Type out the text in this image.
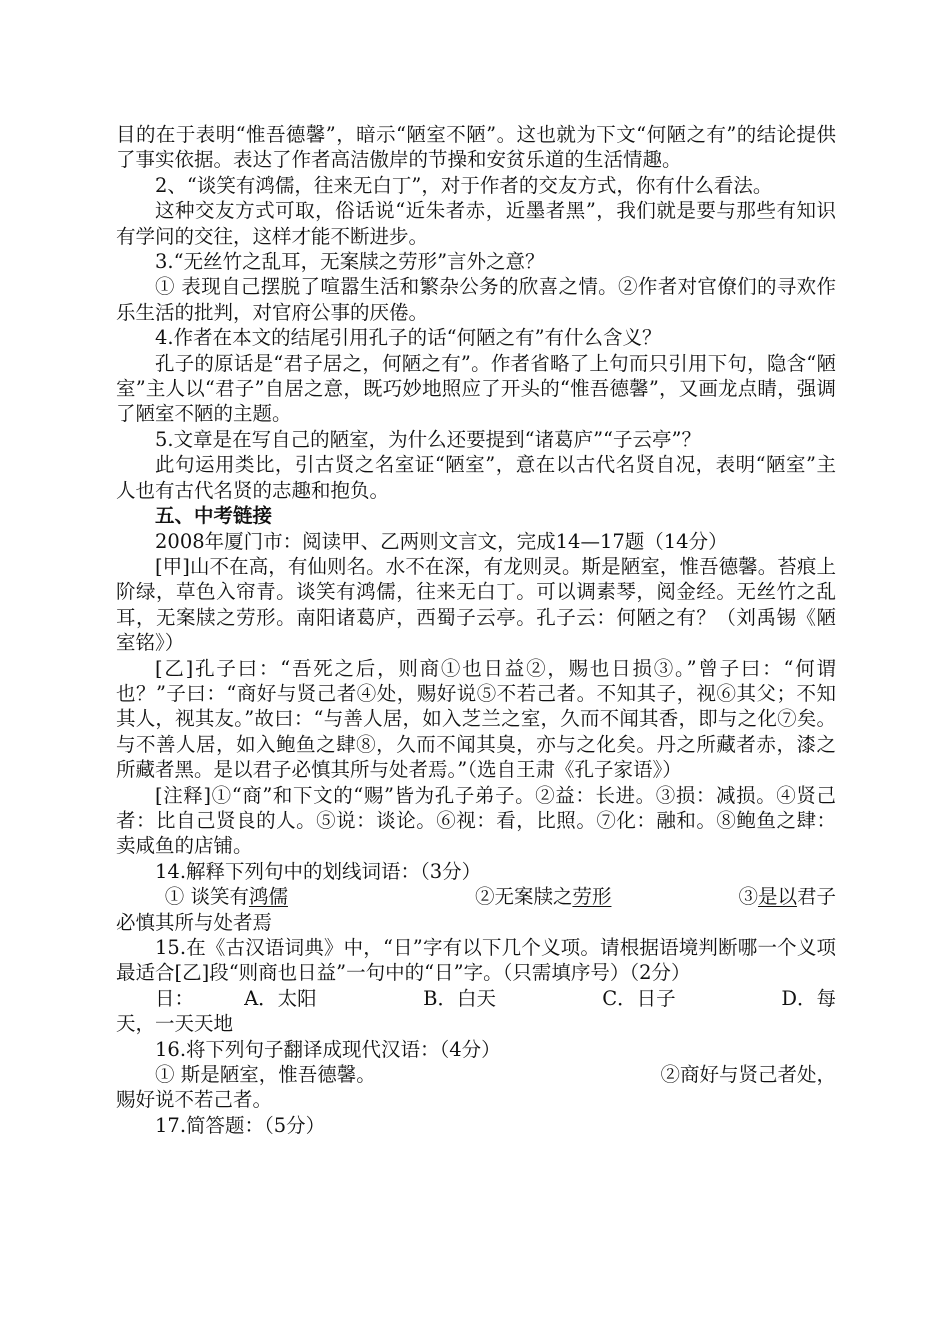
目的在于表明“惟吾德馨”，暗示“陋室不陋”。这也就为下文“何陋之有”的结论提供了事实依据。表达了作者高洁傲岸的节操和安贫乐道的生活情趣。

2、“谈笑有鸿儒，往来无白丁”，对于作者的交友方式，你有什么看法。

这种交友方式可取，俗话说“近朱者赤，近墨者黑”，我们就是要与那些有知识有学问的交往，这样才能不断进步。

3.“无丝竹之乱耳，无案牍之劳形”言外之意？

① 表现自己摆脱了喧嚣生活和繁杂公务的欣喜之情。②作者对官僚们的寻欢作乐生活的批判，对官府公事的厌倦。

4.作者在本文的结尾引用孔子的话“何陋之有”有什么含义？

孔子的原话是“君子居之，何陋之有”。作者省略了上句而只引用下句，隐含“陋室”主人以“君子”自居之意，既巧妙地照应了开头的“惟吾德馨”，又画龙点睛，强调了陋室不陋的主题。

5.文章是在写自己的陋室，为什么还要提到“诸葛庐”“子云亭”？

此句运用类比，引古贤之名室证“陋室”，意在以古代名贤自况，表明“陋室”主人也有古代名贤的志趣和抱负。

五、中考链接

2008年厦门市：阅读甲、乙两则文言文，完成14—17题（14分）

[甲]山不在高，有仙则名。水不在深，有龙则灵。斯是陋室，惟吾德馨。苔痕上阶绿，草色入帘青。谈笑有鸿儒，往来无白丁。可以调素琴，阅金经。无丝竹之乱耳，无案牍之劳形。南阳诸葛庐，西蜀子云亭。孔子云：何陋之有？（刘禹锡《陋室铭》）

[乙]孔子曰：“吾死之后，则商①也日益②，赐也日损③。”曾子曰：“何谓也？”子曰：“商好与贤己者④处，赐好说⑤不若己者。不知其子，视⑥其父；不知其人，视其友。”故曰：“与善人居，如入芝兰之室，久而不闻其香，即与之化⑦矣。与不善人居，如入鲍鱼之肆⑧，久而不闻其臭，亦与之化矣。丹之所藏者赤，漆之所藏者黑。是以君子必慎其所与处者焉。”（选自王肃《孔子家语》）

[注释]①“商”和下文的“赐”皆为孔子弟子。②益：长进。③损：减损。④贤己者：比自己贤良的人。⑤说：谈论。⑥视：看，比照。⑦化：融和。⑧鲍鱼之肆：卖咸鱼的店铺。

14.解释下列句中的划线词语：（3分）

① 谈笑有鸿儒	②无案牍之劳形	③是以君子

必慎其所与处者焉

15.在《古汉语词典》中，“日”字有以下几个义项。请根据语境判断哪一个义项最适合[乙]段“则商也日益”一句中的“日”字。（只需填序号）（2分）

日：	A．太阳	B．白天	C．日子	D．每

天，一天天地

16.将下列句子翻译成现代汉语：（4分）

① 斯是陋室，惟吾德馨。	②商好与贤己者处，

赐好说不若己者。

17.简答题：（5分）
